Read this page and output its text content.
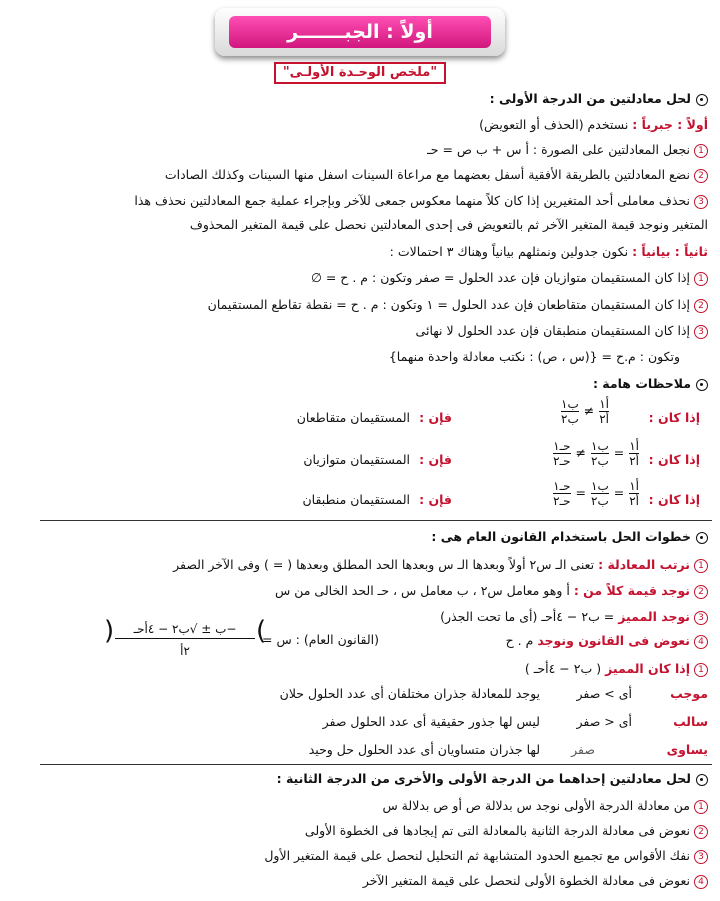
أولاً : الجبـــــــر
"ملخص الوحـدة الأولـى"
لحل معادلتين من الدرجة الأولى :
أولاً : جبرياً : نستخدم (الحذف أو التعويض)
1نجعل المعادلتين على الصورة : أ س + ب ص = حـ
2نضع المعادلتين بالطريقة الأفقية أسفل بعضهما مع مراعاة السينات اسفل منها السينات وكذلك الصادات
3نحذف معاملى أحد المتغيرين إذا كان كلاً منهما معكوس جمعى للآخر وبإجراء عملية جمع المعادلتين نحذف هذا
المتغير ونوجد قيمة المتغير الآخر ثم بالتعويض فى إحدى المعادلتين نحصل على قيمة المتغير المحذوف
ثانياً : بيانياً : نكون جدولين ونمثلهم بيانياً وهناك ٣ احتمالات :
1إذا كان المستقيمان متوازيان فإن عدد الحلول = صفر وتكون : م . ح = ∅
2إذا كان المستقيمان متقاطعان فإن عدد الحلول = ١ وتكون : م . ح = نقطة تقاطع المستقيمان
3إذا كان المستقيمان منطبقان فإن عدد الحلول لا نهائى
وتكون : م.ح = {(س ، ص) : نكتب معادلة واحدة منهما}
ملاحظات هامة :
إذا كان :
$\frac{\text{أ١}}{\text{أ٢}}$
≠
$\frac{\text{ب١}}{\text{ب٢}}$
فإن :
المستقيمان متقاطعان
إذا كان :
$\frac{\text{أ١}}{\text{أ٢}}$
=
$\frac{\text{ب١}}{\text{ب٢}}$
≠
$\frac{\text{حـ١}}{\text{حـ٢}}$
فإن :
المستقيمان متوازيان
إذا كان :
$\frac{\text{أ١}}{\text{أ٢}}$
=
$\frac{\text{ب١}}{\text{ب٢}}$
=
$\frac{\text{حـ١}}{\text{حـ٢}}$
فإن :
المستقيمان منطبقان
خطوات الحل باستخدام القانون العام هى :
1نرتب المعادلة : تعنى الـ س٢ أولاً وبعدها الـ س وبعدها الحد المطلق وبعدها ( = ) وفى الآخر الصفر
2نوجد قيمة كلاً من : أ وهو معامل س٢ ، ب معامل س ، حـ الحد الخالى من س
3نوجد المميز = ب٢ − ٤أحـ (أى ما تحت الجذر)
4نعوض فى القانون ونوجد م . ح
(القانون العام) : س =
−ب ± √ب٢ − ٤أحـ
٢أ
)
(
1إذا كان المميز ( ب٢ − ٤أحـ )
موجب
أى > صفر
يوجد للمعادلة جذران مختلفان أى عدد الحلول حلان
سالب
أى < صفر
ليس لها جذور حقيقية أى عدد الحلول صفر
يساوى
صفر
لها جذران متساويان أى عدد الحلول حل وحيد
لحل معادلتين إحداهما من الدرجة الأولى والأخرى من الدرجة الثانية :
1من معادلة الدرجة الأولى نوجد س بدلالة ص أو ص بدلالة س
2نعوض فى معادلة الدرجة الثانية بالمعادلة التى تم إيجادها فى الخطوة الأولى
3نفك الأقواس مع تجميع الحدود المتشابهة ثم التحليل لنحصل على قيمة المتغير الأول
4نعوض فى معادلة الخطوة الأولى لنحصل على قيمة المتغير الآخر
